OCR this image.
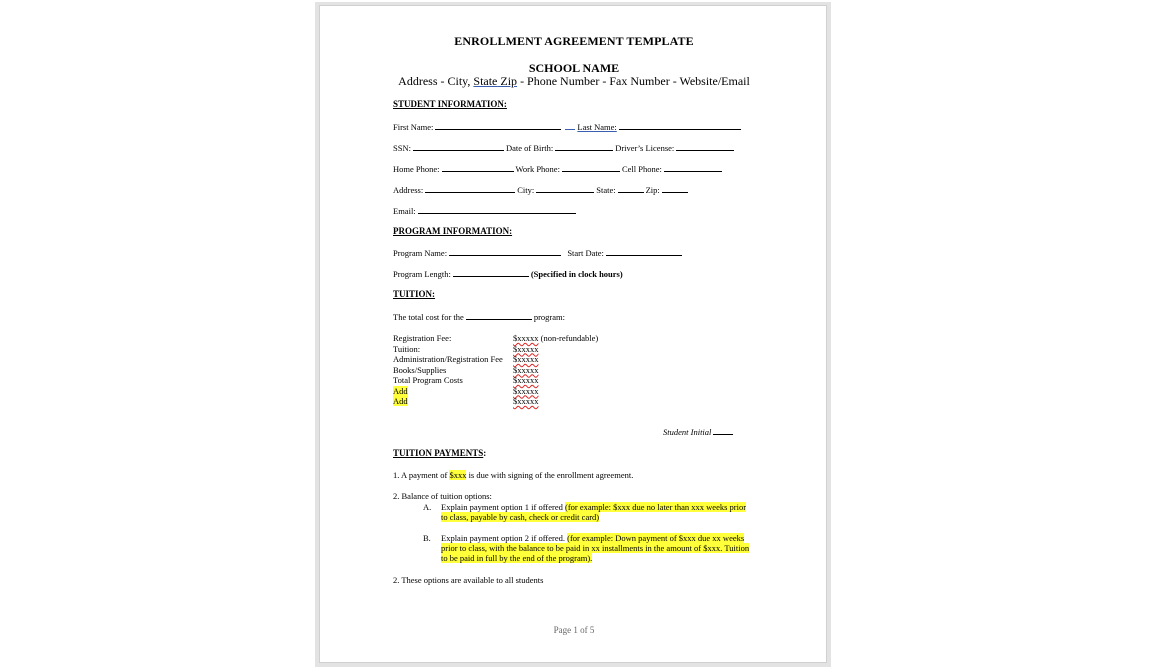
ENROLLMENT AGREEMENT TEMPLATE
SCHOOL NAME
Address - City, State Zip - Phone Number - Fax Number - Website/Email
STUDENT INFORMATION:
First Name:	Last Name:
SSN:	Date of Birth:	Driver’s License:
Home Phone:	Work Phone:	Cell Phone:
Address:	City:	State:	Zip:
Email:
PROGRAM INFORMATION:
Program Name:	Start Date:
Program Length:	(Specified in clock hours)
TUITION:
The total cost for the	program:
Student Initial
TUITION PAYMENTS:
1. A payment of $xxx is due with signing of the enrollment agreement.
2. Balance of tuition options:
A. Explain payment option 1 if offered (for example: $xxx due no later than xxx weeks prior to class, payable by cash, check or credit card)
B. Explain payment option 2 if offered. (for example: Down payment of $xxx due xx weeks prior to class, with the balance to be paid in xx installments in the amount of $xxx. Tuition to be paid in full by the end of the program).
2. These options are available to all students
Page 1 of 5
Registration Fee:	$xxxxx (non-refundable)
Tuition:	$xxxxx
Administration/Registration Fee $xxxxx
Books/Supplies	$xxxxx
Total Program Costs	$xxxxx
Add	$xxxxx
Add	$xxxxx
